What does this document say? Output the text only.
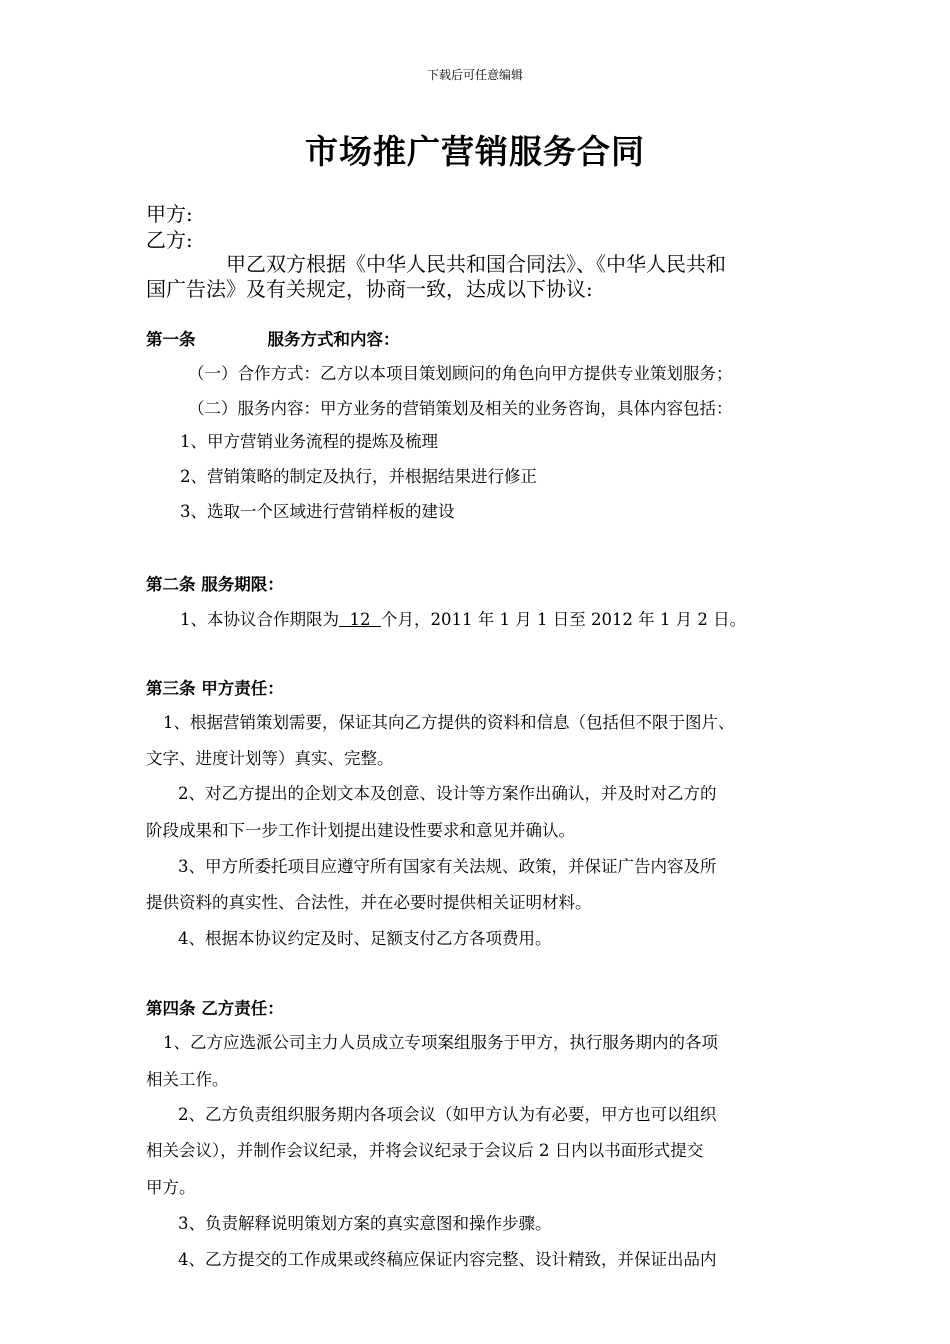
下载后可任意编辑
市场推广营销服务合同
甲方:
乙方:
甲乙双方根据《中华人民共和国合同法》、《中华人民共和
国广告法》及有关规定，协商一致，达成以下协议:
第一条	服务方式和内容：
（一）合作方式：乙方以本项目策划顾问的角色向甲方提供专业策划服务；
（二）服务内容：甲方业务的营销策划及相关的业务咨询，具体内容包括：
1、甲方营销业务流程的提炼及梳理
2、营销策略的制定及执行，并根据结果进行修正
3、选取一个区域进行营销样板的建设
第二条 服务期限：
1、本协议合作期限为  12  个月，2011 年 1 月 1 日至 2012 年 1 月 2 日。
第三条 甲方责任：
1、根据营销策划需要，保证其向乙方提供的资料和信息（包括但不限于图片、
文字、进度计划等）真实、完整。
2、对乙方提出的企划文本及创意、设计等方案作出确认，并及时对乙方的
阶段成果和下一步工作计划提出建设性要求和意见并确认。
3、甲方所委托项目应遵守所有国家有关法规、政策，并保证广告内容及所
提供资料的真实性、合法性，并在必要时提供相关证明材料。
4、根据本协议约定及时、足额支付乙方各项费用。
第四条 乙方责任：
1、乙方应选派公司主力人员成立专项案组服务于甲方，执行服务期内的各项
相关工作。
2、乙方负责组织服务期内各项会议（如甲方认为有必要，甲方也可以组织
相关会议），并制作会议纪录，并将会议纪录于会议后 2 日内以书面形式提交
甲方。
3、负责解释说明策划方案的真实意图和操作步骤。
4、乙方提交的工作成果或终稿应保证内容完整、设计精致，并保证出品内
